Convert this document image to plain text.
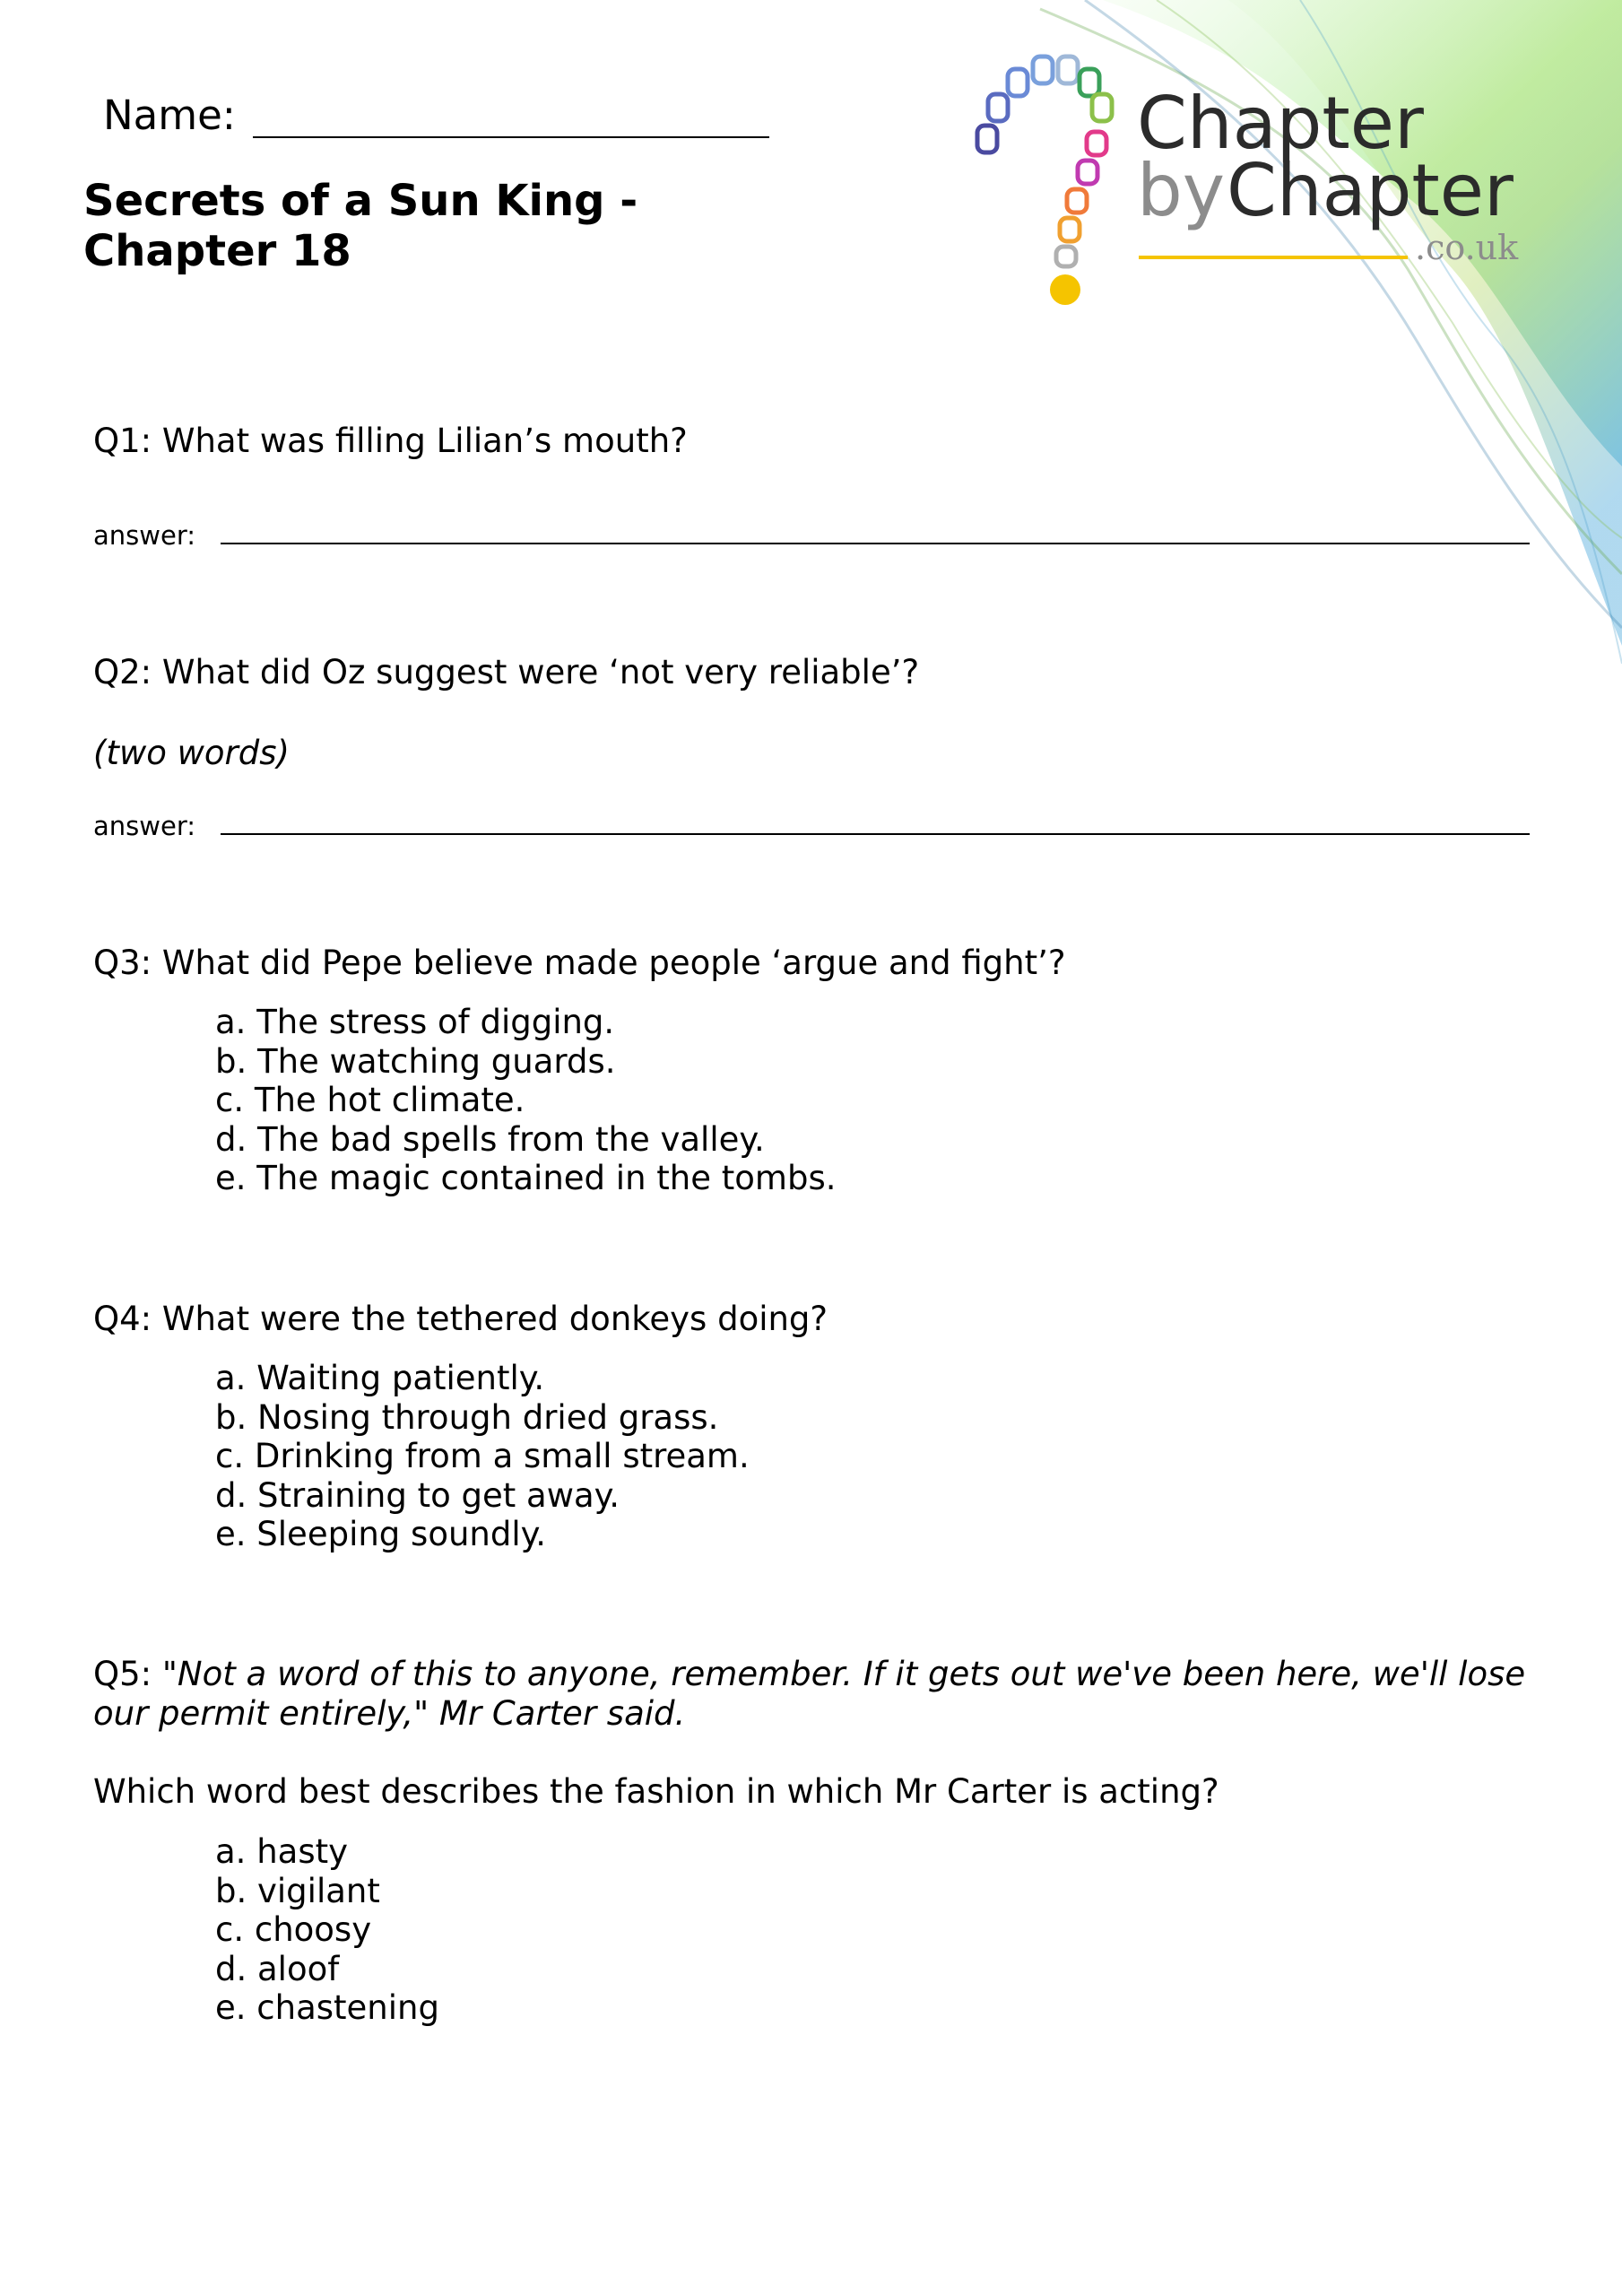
Chapter
by Chapter
.co.uk
Name:
Secrets of a Sun King -
Chapter 18
Q1: What was filling Lilian’s mouth?
answer:
Q2: What did Oz suggest were ‘not very reliable’?
(two words)
answer:
Q3: What did Pepe believe made people ‘argue and fight’?
a. The stress of digging.
b. The watching guards.
c. The hot climate.
d. The bad spells from the valley.
e. The magic contained in the tombs.
Q4: What were the tethered donkeys doing?
a. Waiting patiently.
b. Nosing through dried grass.
c. Drinking from a small stream.
d. Straining to get away.
e. Sleeping soundly.
Q5: "Not a word of this to anyone, remember. If it gets out we've been here, we'll lose our permit entirely," Mr Carter said.
Which word best describes the fashion in which Mr Carter is acting?
a. hasty
b. vigilant
c. choosy
d. aloof
e. chastening
